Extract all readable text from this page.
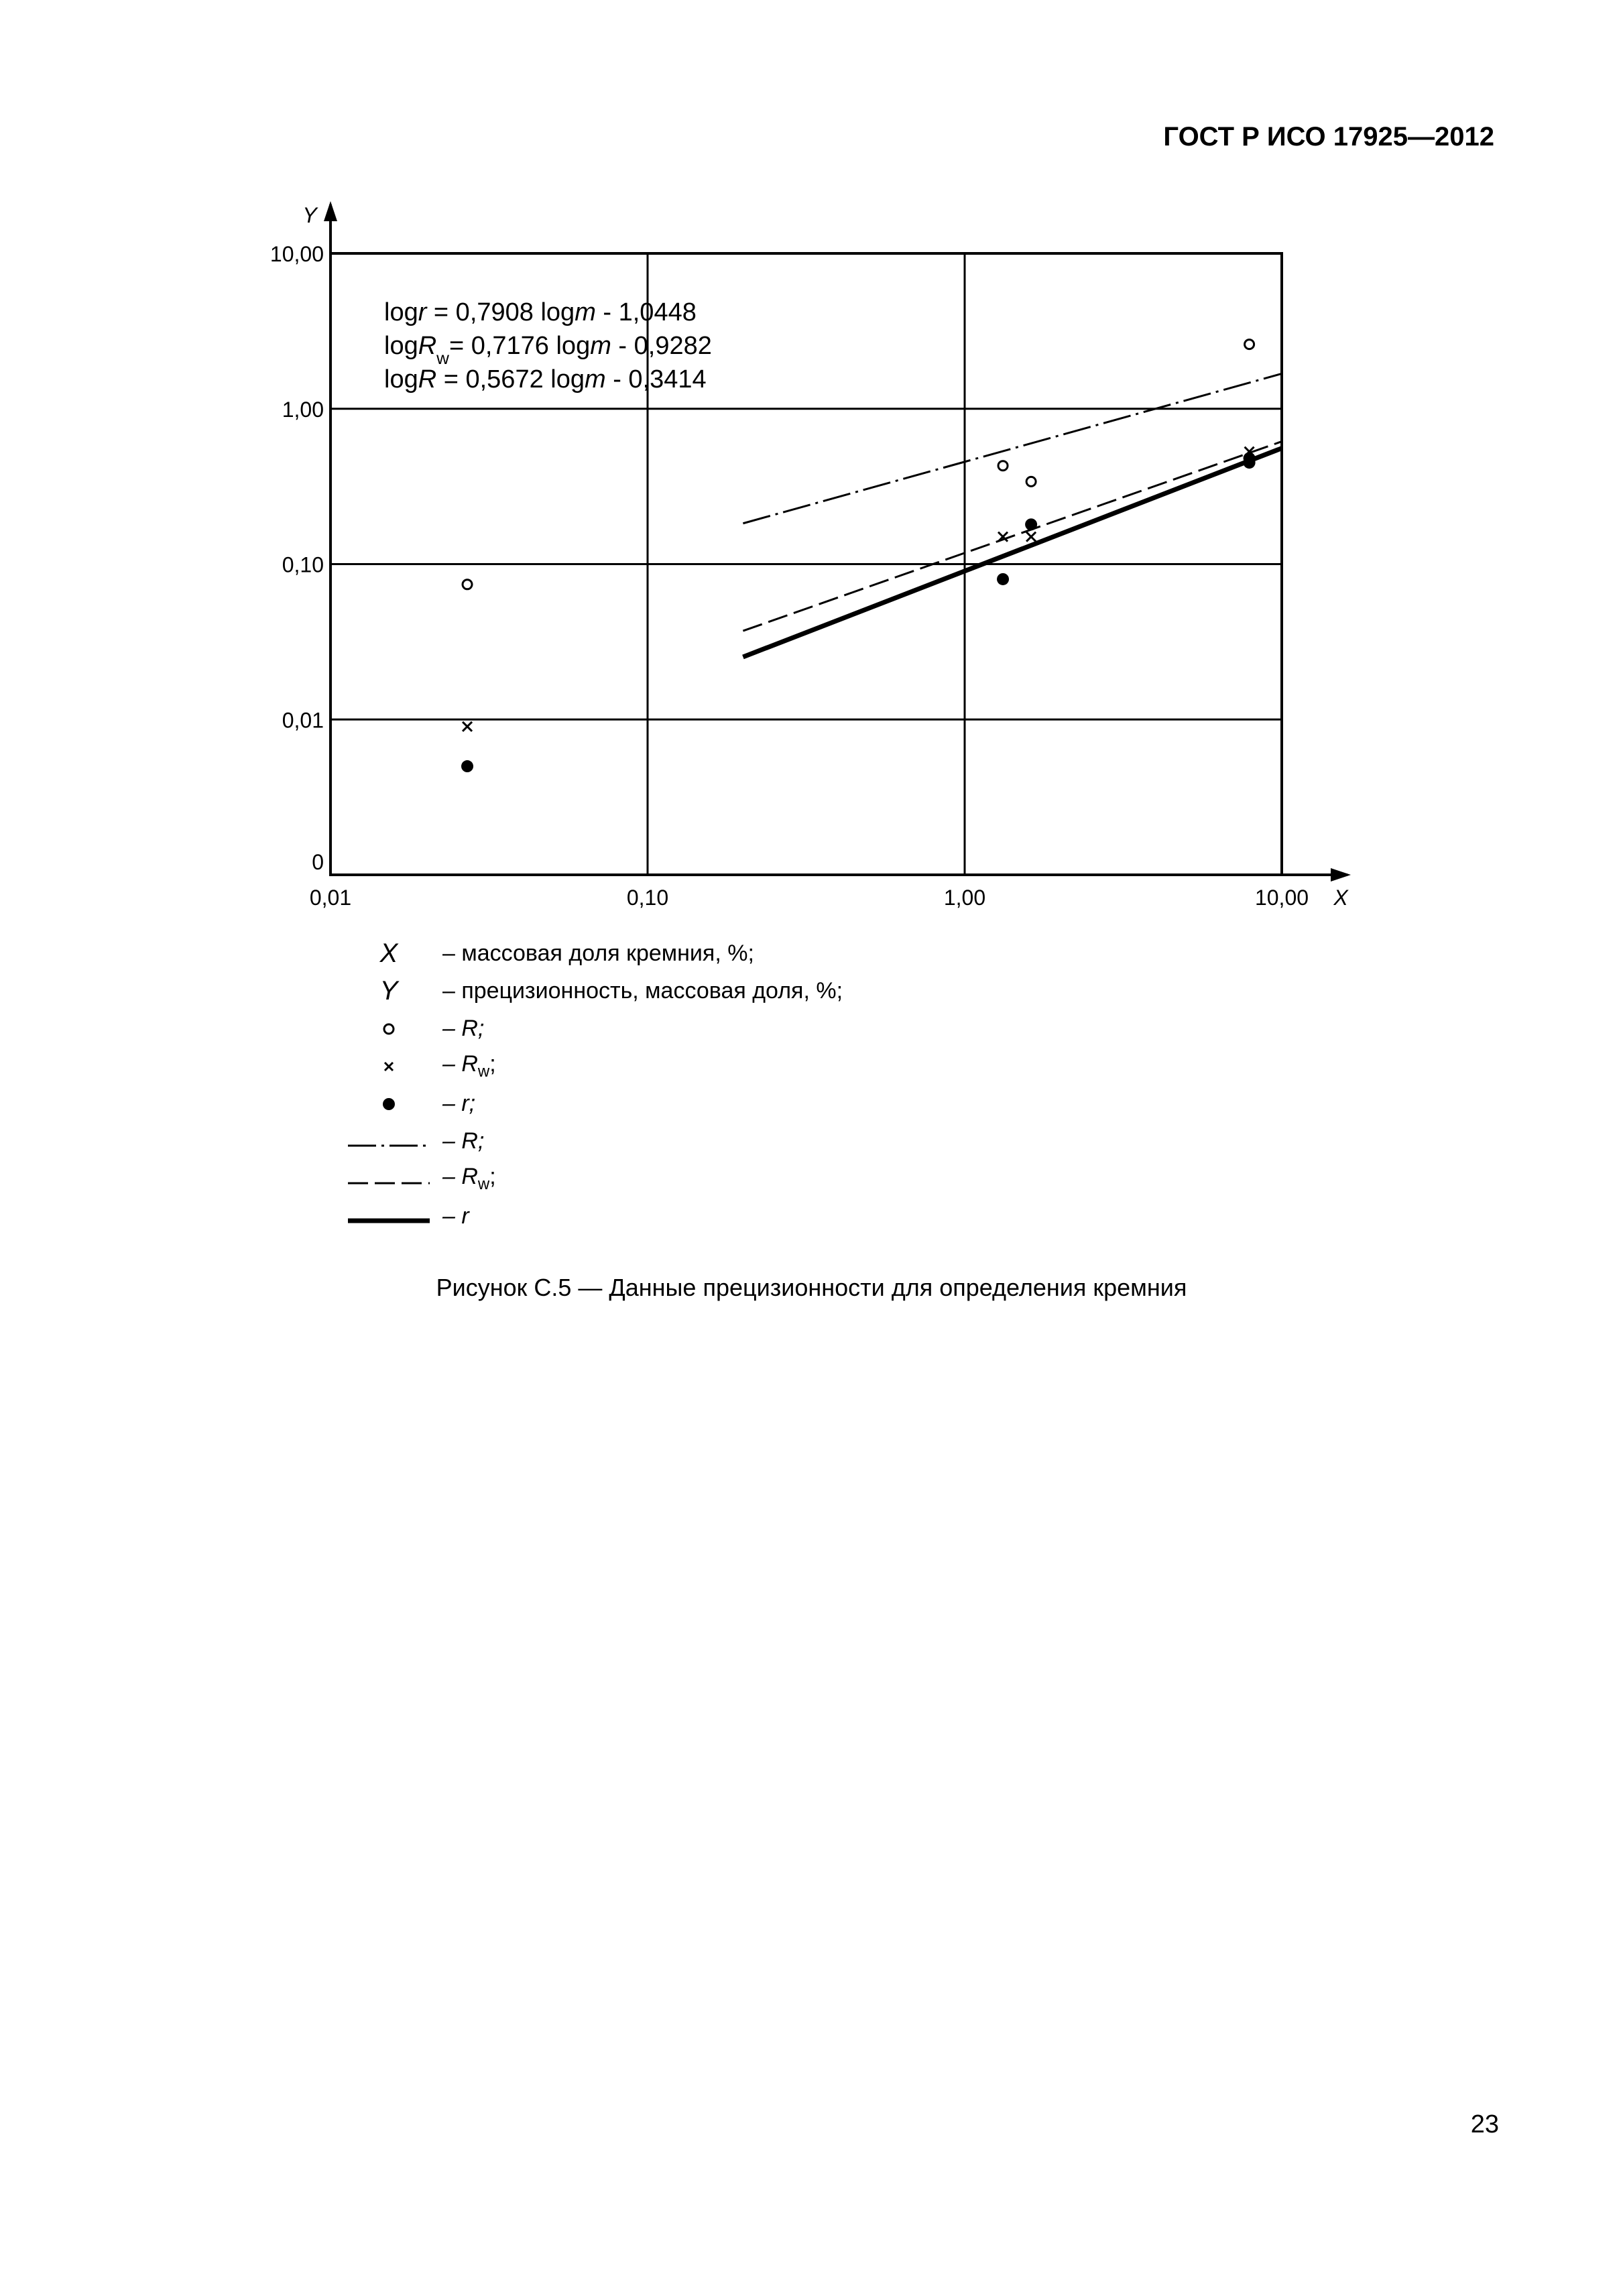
ГОСТ Р ИСО 17925—2012
0,01	0,10	1,00	10,00
0
0,01
0,10
1,00
10,00
Y
X
logr = 0,7908 logm - 1,0448
logR$_w$= 0,7176 logm - 0,9282
logR = 0,5672 logm - 0,3414
X	– массовая доля кремния, %;
Y	– прецизионность, массовая доля, %;
– R;
– $R_w$;
– r;
– R;
– $R_w$;
– r
Рисунок С.5 — Данные прецизионности для определения кремния
23
